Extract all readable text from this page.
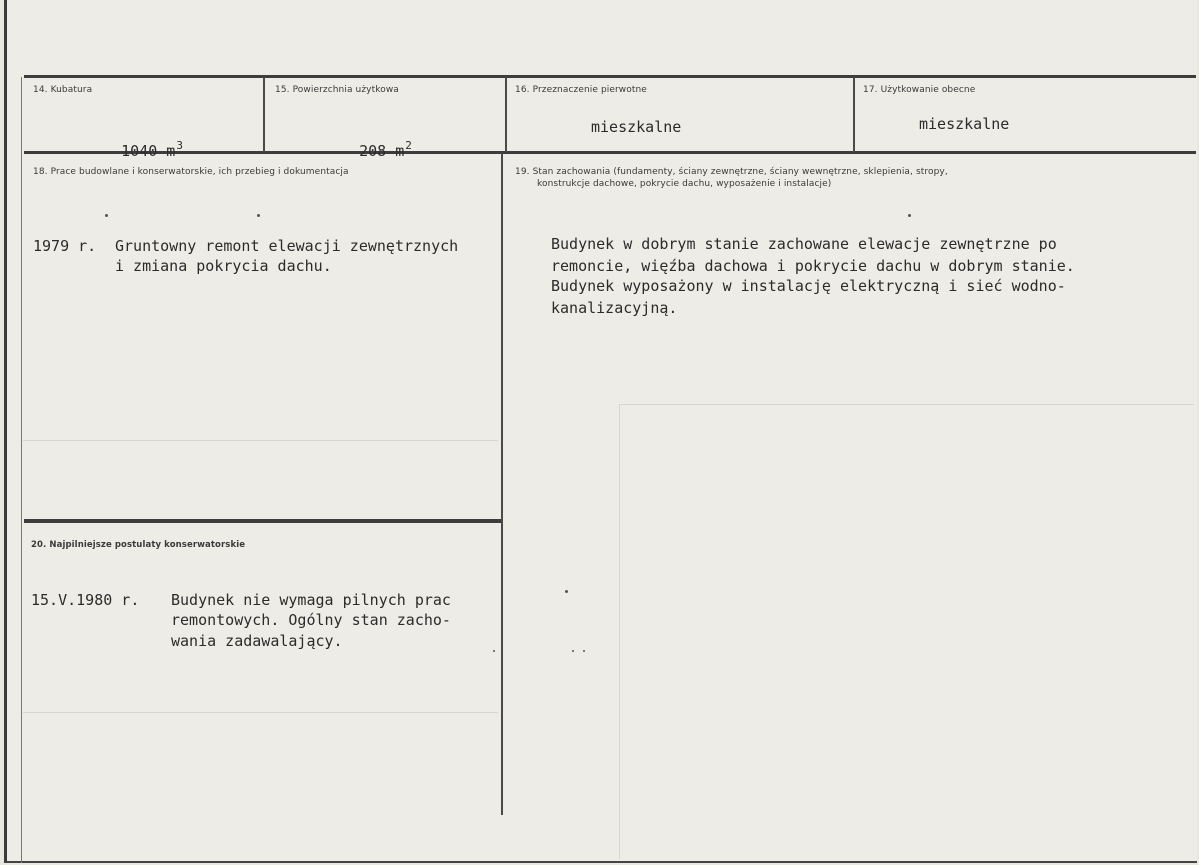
14. Kubatura

1040 $m^3$

15. Powierzchnia użytkowa

208 $m^2$

16. Przeznaczenie pierwotne
mieszkalne
17. Użytkowanie obecne
mieszkalne
18. Prace budowlane i konserwatorskie, ich przebieg i dokumentacja
1979 r. Gruntowny remont elewacji zewnętrznych
i zmiana pokrycia dachu.
19. Stan zachowania (fundamenty, ściany zewnętrzne, ściany wewnętrzne, sklepienia, stropy,
konstrukcje dachowe, pokrycie dachu, wyposażenie i instalacje)
Budynek w dobrym stanie zachowane elewacje zewnętrzne po
remoncie, więźba dachowa i pokrycie dachu w dobrym stanie.
Budynek wyposażony w instalację elektryczną i sieć wodno-
kanalizacyjną.
20. Najpilniejsze postulaty konserwatorskie
15.V.1980 r. Budynek nie wymaga pilnych prac
remontowych. Ogólny stan zacho-
wania zadawalający.
